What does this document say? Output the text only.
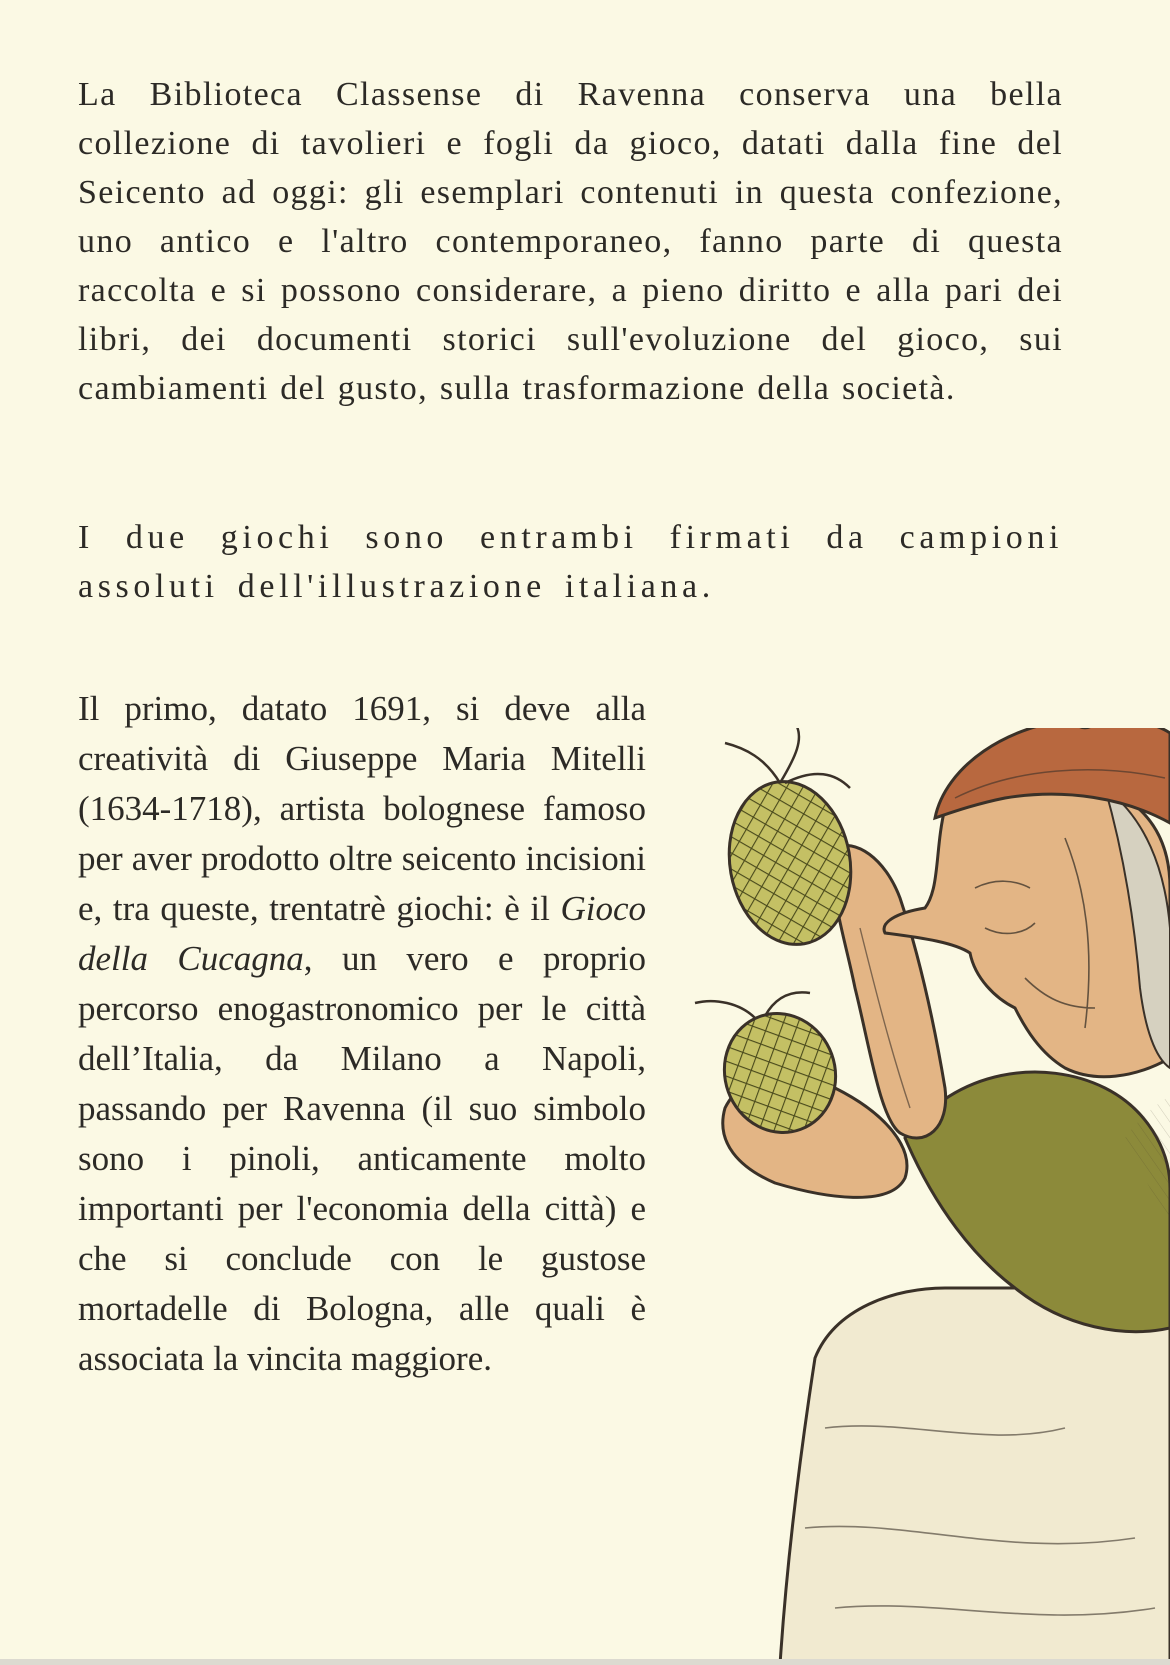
La Biblioteca Classense di Ravenna conserva una bella collezione di tavolieri e fogli da gioco, datati dalla fine del Seicento ad oggi: gli esemplari contenuti in questa confezione, uno antico e l'altro contemporaneo, fanno parte di questa raccolta e si possono considerare, a pieno diritto e alla pari dei libri, dei documenti storici sull'evoluzione del gioco, sui cambiamenti del gusto, sulla trasformazione della società.

I due giochi sono entrambi firmati da campioni assoluti dell'illustrazione italiana.

Il primo, datato 1691, si deve alla creatività di Giuseppe Maria Mitelli (1634-1718), artista bolognese famoso per aver prodotto oltre seicento incisioni e, tra queste, trentatrè giochi: è il Gioco della Cucagna, un vero e proprio percorso enogastronomico per le città dell’Italia, da Milano a Napoli, passando per Ravenna (il suo simbolo sono i pinoli, anticamente molto importanti per l'economia della città) e che si conclude con le gustose mortadelle di Bologna, alle quali è associata la vincita maggiore.
